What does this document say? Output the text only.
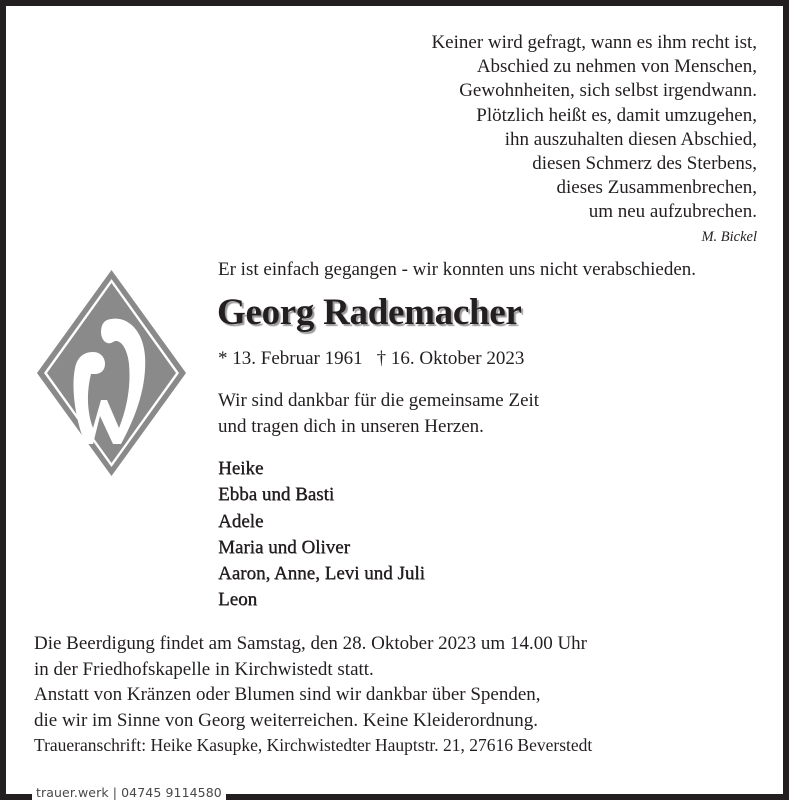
Keiner wird gefragt, wann es ihm recht ist,
Abschied zu nehmen von Menschen,
Gewohnheiten, sich selbst irgendwann.
Plötzlich heißt es, damit umzugehen,
ihn auszuhalten diesen Abschied,
diesen Schmerz des Sterbens,
dieses Zusammenbrechen,
um neu aufzubrechen.
M. Bickel
Er ist einfach gegangen - wir konnten uns nicht verabschieden.
Georg Rademacher
* 13. Februar 1961 † 16. Oktober 2023
Wir sind dankbar für die gemeinsame Zeit
und tragen dich in unseren Herzen.
Heike
Ebba und Basti
Adele
Maria und Oliver
Aaron, Anne, Levi und Juli
Leon
Die Beerdigung findet am Samstag, den 28. Oktober 2023 um 14.00 Uhr
in der Friedhofskapelle in Kirchwistedt statt.
Anstatt von Kränzen oder Blumen sind wir dankbar über Spenden,
die wir im Sinne von Georg weiterreichen. Keine Kleiderordnung.
Traueranschrift: Heike Kasupke, Kirchwistedter Hauptstr. 21, 27616 Beverstedt
trauer.werk | 04745 9114580
